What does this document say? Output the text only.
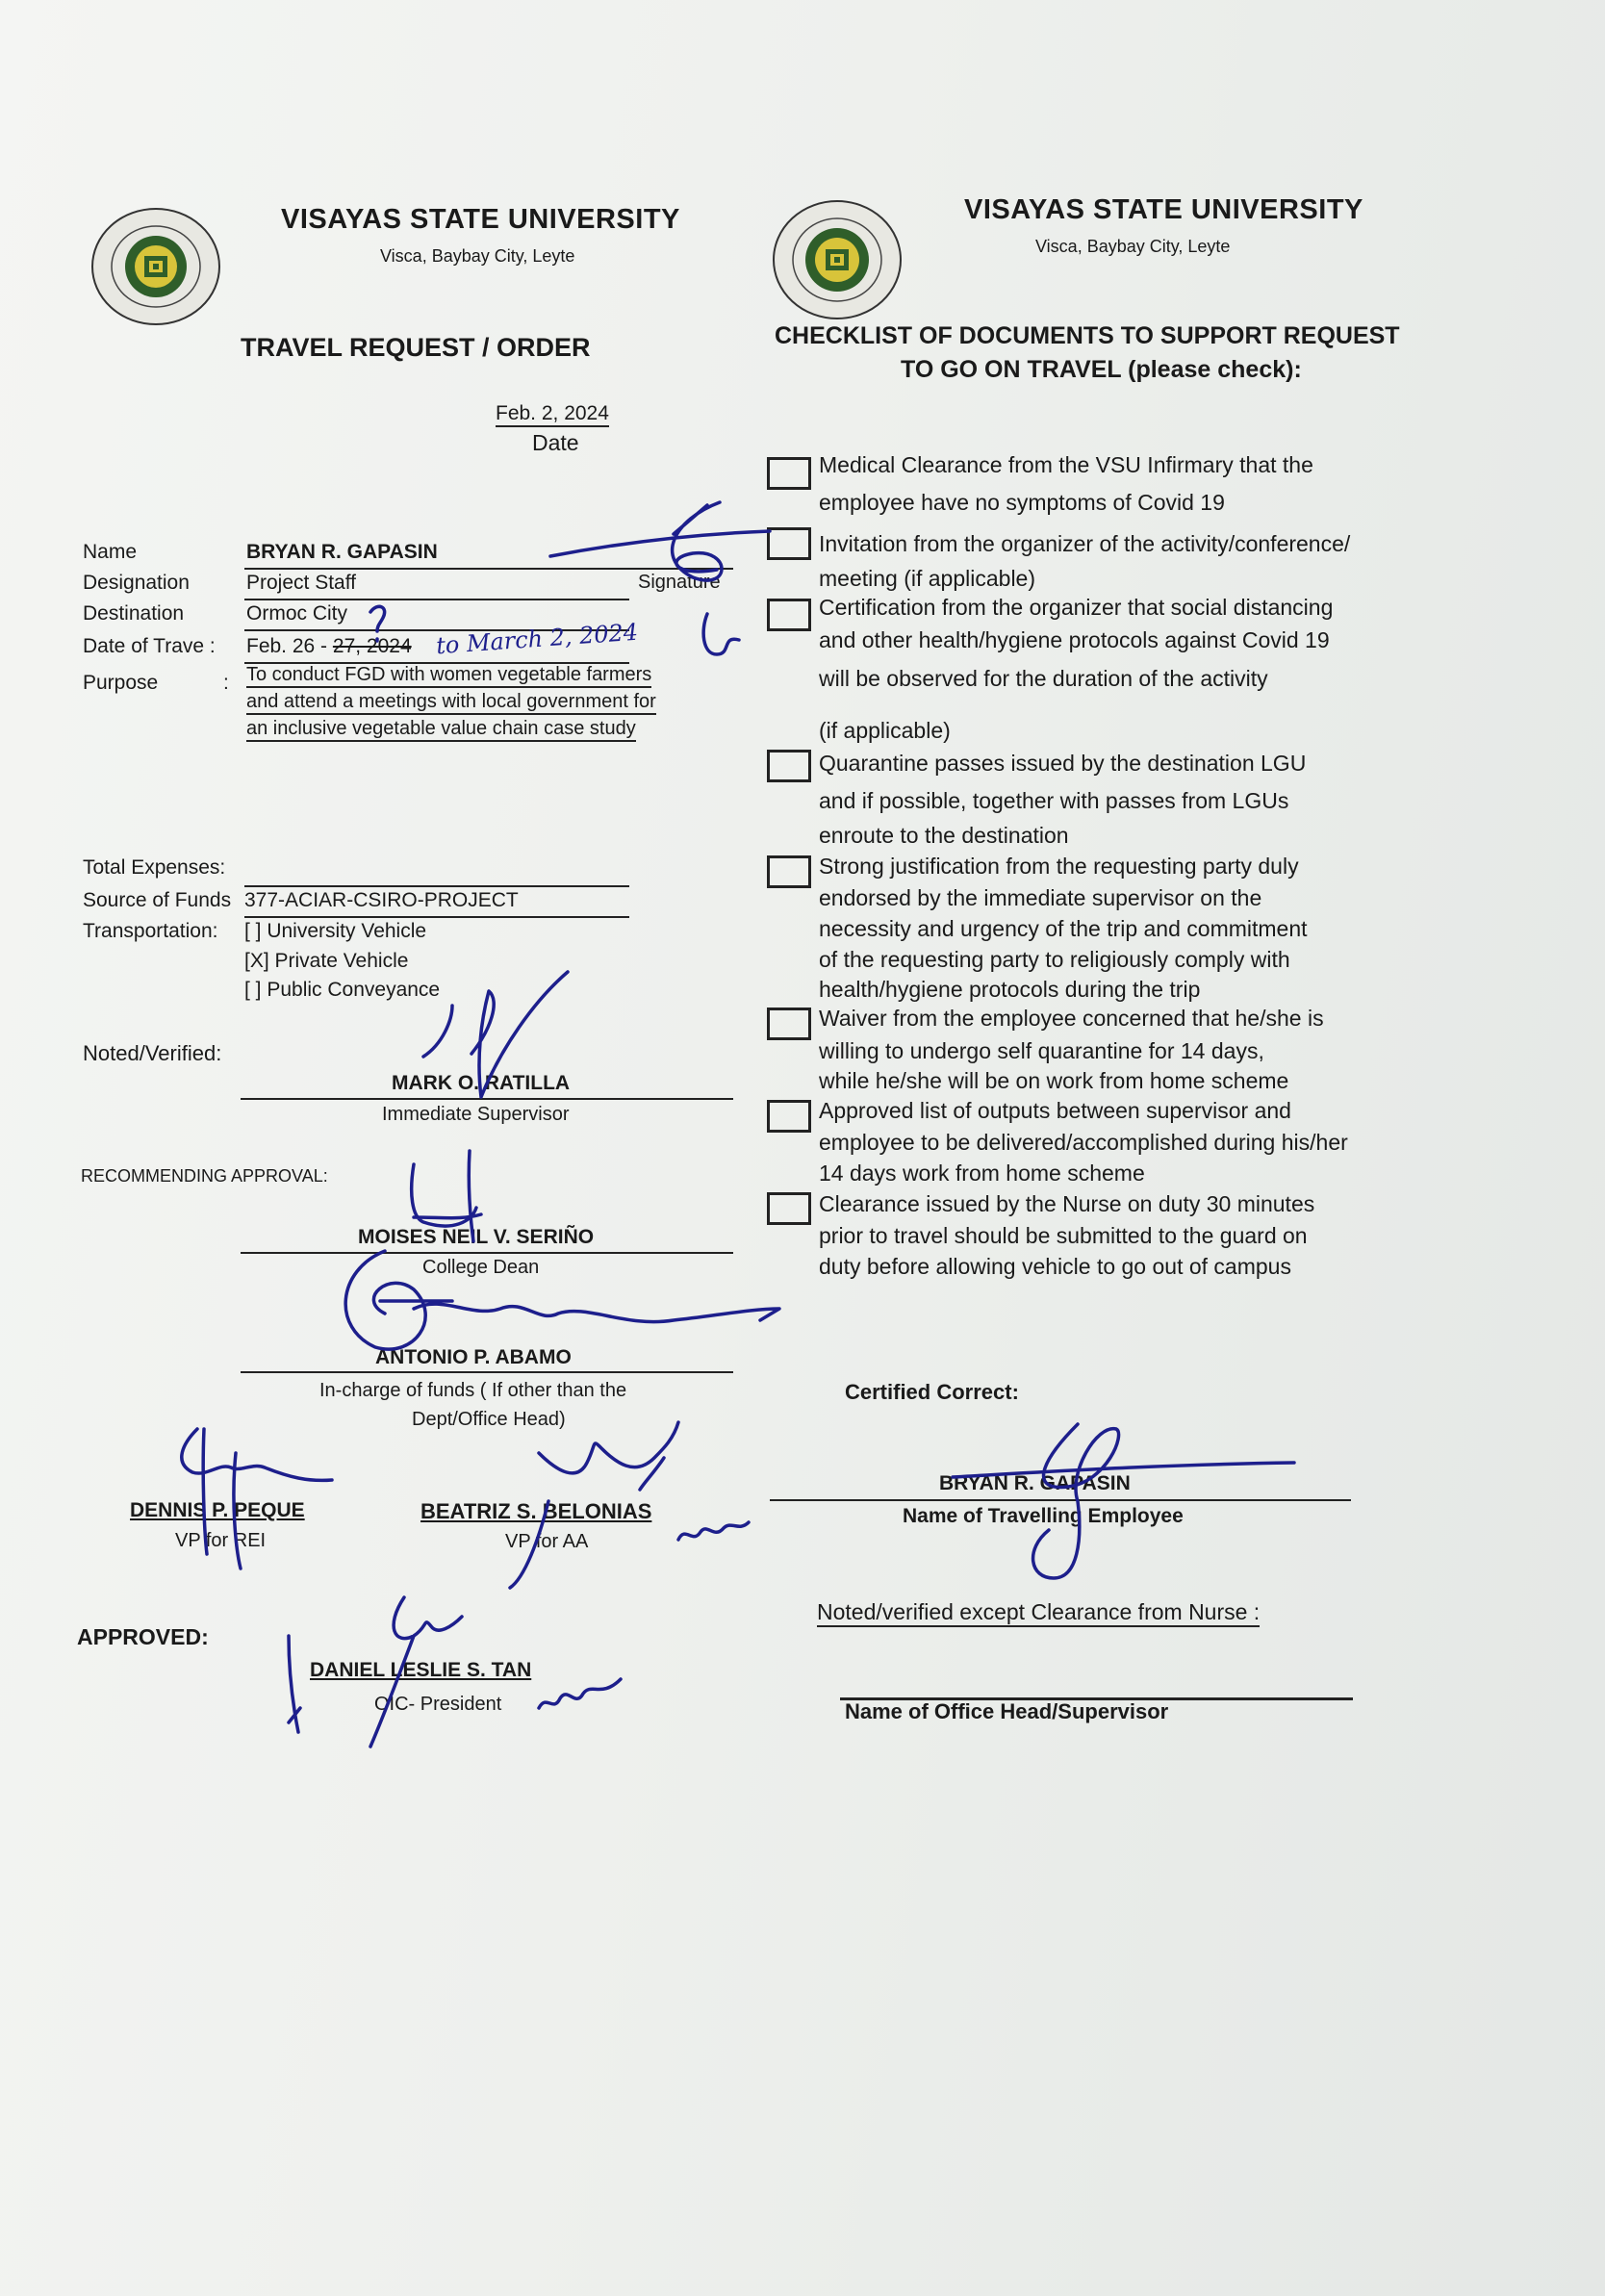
VISAYAS STATE UNIVERSITY
Visca, Baybay City, Leyte
VISAYAS STATE UNIVERSITY
Visca, Baybay City, Leyte
TRAVEL REQUEST / ORDER
Feb. 2, 2024
Date
Name	BRYAN R. GAPASIN
Signature
Designation	Project Staff
Destination	Ormoc City
Date of Trave : Feb. 26 - 27, 2024 to March 2, 2024
Purpose	: To conduct FGD with women vegetable farmers
and attend a meetings with local government for
an inclusive vegetable value chain case study
Total Expenses:
Source of Funds 377-ACIAR-CSIRO-PROJECT
Transportation: [ ] University Vehicle
[X] Private Vehicle
[ ] Public Conveyance
Noted/Verified:
MARK O. RATILLA
Immediate Supervisor
RECOMMENDING APPROVAL:
MOISES NEIL V. SERIÑO
College Dean
ANTONIO P. ABAMO
In-charge of funds ( If other than the
Dept/Office Head)
DENNIS P. PEQUE
VP for REI
BEATRIZ S. BELONIAS
VP for AA
APPROVED:
DANIEL LESLIE S. TAN
OIC- President
CHECKLIST OF DOCUMENTS TO SUPPORT REQUEST
TO GO ON TRAVEL (please check):
Medical Clearance from the VSU Infirmary that the
employee have no symptoms of Covid 19
Invitation from the organizer of the activity/conference/
meeting (if applicable)
Certification from the organizer that social distancing
and other health/hygiene protocols against Covid 19
will be observed for the duration of the activity
(if applicable)
Quarantine passes issued by the destination LGU
and if possible, together with passes from LGUs
enroute to the destination
Strong justification from the requesting party duly
endorsed by the immediate supervisor on the
necessity and urgency of the trip and commitment
of the requesting party to religiously comply with
health/hygiene protocols during the trip
Waiver from the employee concerned that he/she is
willing to undergo self quarantine for 14 days,
while he/she will be on work from home scheme
Approved list of outputs between supervisor and
employee to be delivered/accomplished during his/her
14 days work from home scheme
Clearance issued by the Nurse on duty 30 minutes
prior to travel should be submitted to the guard on
duty before allowing vehicle to go out of campus
Certified Correct:
BRYAN R. GAPASIN
Name of Travelling Employee
Noted/verified except Clearance from Nurse :
Name of Office Head/Supervisor
